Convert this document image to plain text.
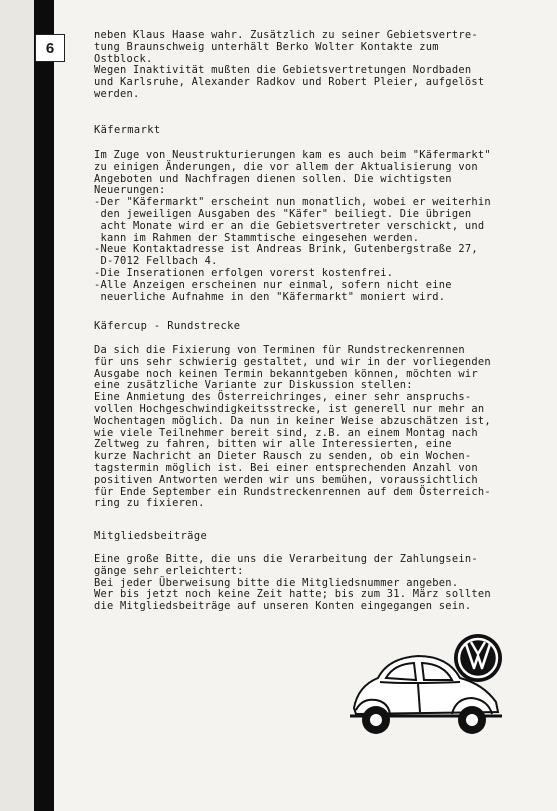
6

neben Klaus Haase wahr. Zusätzlich zu seiner Gebietsvertre-

tung Braunschweig unterhält Berko Wolter Kontakte zum

Ostblock.

Wegen Inaktivität mußten die Gebietsvertretungen Nordbaden

und Karlsruhe, Alexander Radkov und Robert Pleier, aufgelöst

werden.

Käfermarkt

Im Zuge von Neustrukturierungen kam es auch beim "Käfermarkt"

zu einigen Änderungen, die vor allem der Aktualisierung von

Angeboten und Nachfragen dienen sollen. Die wichtigsten

Neuerungen:

-Der "Käfermarkt" erscheint nun monatlich, wobei er weiterhin

den jeweiligen Ausgaben des "Käfer" beiliegt. Die übrigen

acht Monate wird er an die Gebietsvertreter verschickt, und

kann im Rahmen der Stammtische eingesehen werden.

-Neue Kontaktadresse ist Andreas Brink, Gutenbergstraße 27,

D-7012 Fellbach 4.

-Die Inserationen erfolgen vorerst kostenfrei.

-Alle Anzeigen erscheinen nur einmal, sofern nicht eine

neuerliche Aufnahme in den "Käfermarkt" moniert wird.

Käfercup - Rundstrecke

Da sich die Fixierung von Terminen für Rundstreckenrennen

für uns sehr schwierig gestaltet, und wir in der vorliegenden

Ausgabe noch keinen Termin bekanntgeben können, möchten wir

eine zusätzliche Variante zur Diskussion stellen:

Eine Anmietung des Österreichringes, einer sehr anspruchs-

vollen Hochgeschwindigkeitsstrecke, ist generell nur mehr an

Wochentagen möglich. Da nun in keiner Weise abzuschätzen ist,

wie viele Teilnehmer bereit sind, z.B. an einem Montag nach

Zeltweg zu fahren, bitten wir alle Interessierten, eine

kurze Nachricht an Dieter Rausch zu senden, ob ein Wochen-

tagstermin möglich ist. Bei einer entsprechenden Anzahl von

positiven Antworten werden wir uns bemühen, voraussichtlich

für Ende September ein Rundstreckenrennen auf dem Österreich-

ring zu fixieren.

Mitgliedsbeiträge

Eine große Bitte, die uns die Verarbeitung der Zahlungsein-

gänge sehr erleichtert:

Bei jeder Überweisung bitte die Mitgliedsnummer angeben.

Wer bis jetzt noch keine Zeit hatte; bis zum 31. März sollten

die Mitgliedsbeiträge auf unseren Konten eingegangen sein.

VW
